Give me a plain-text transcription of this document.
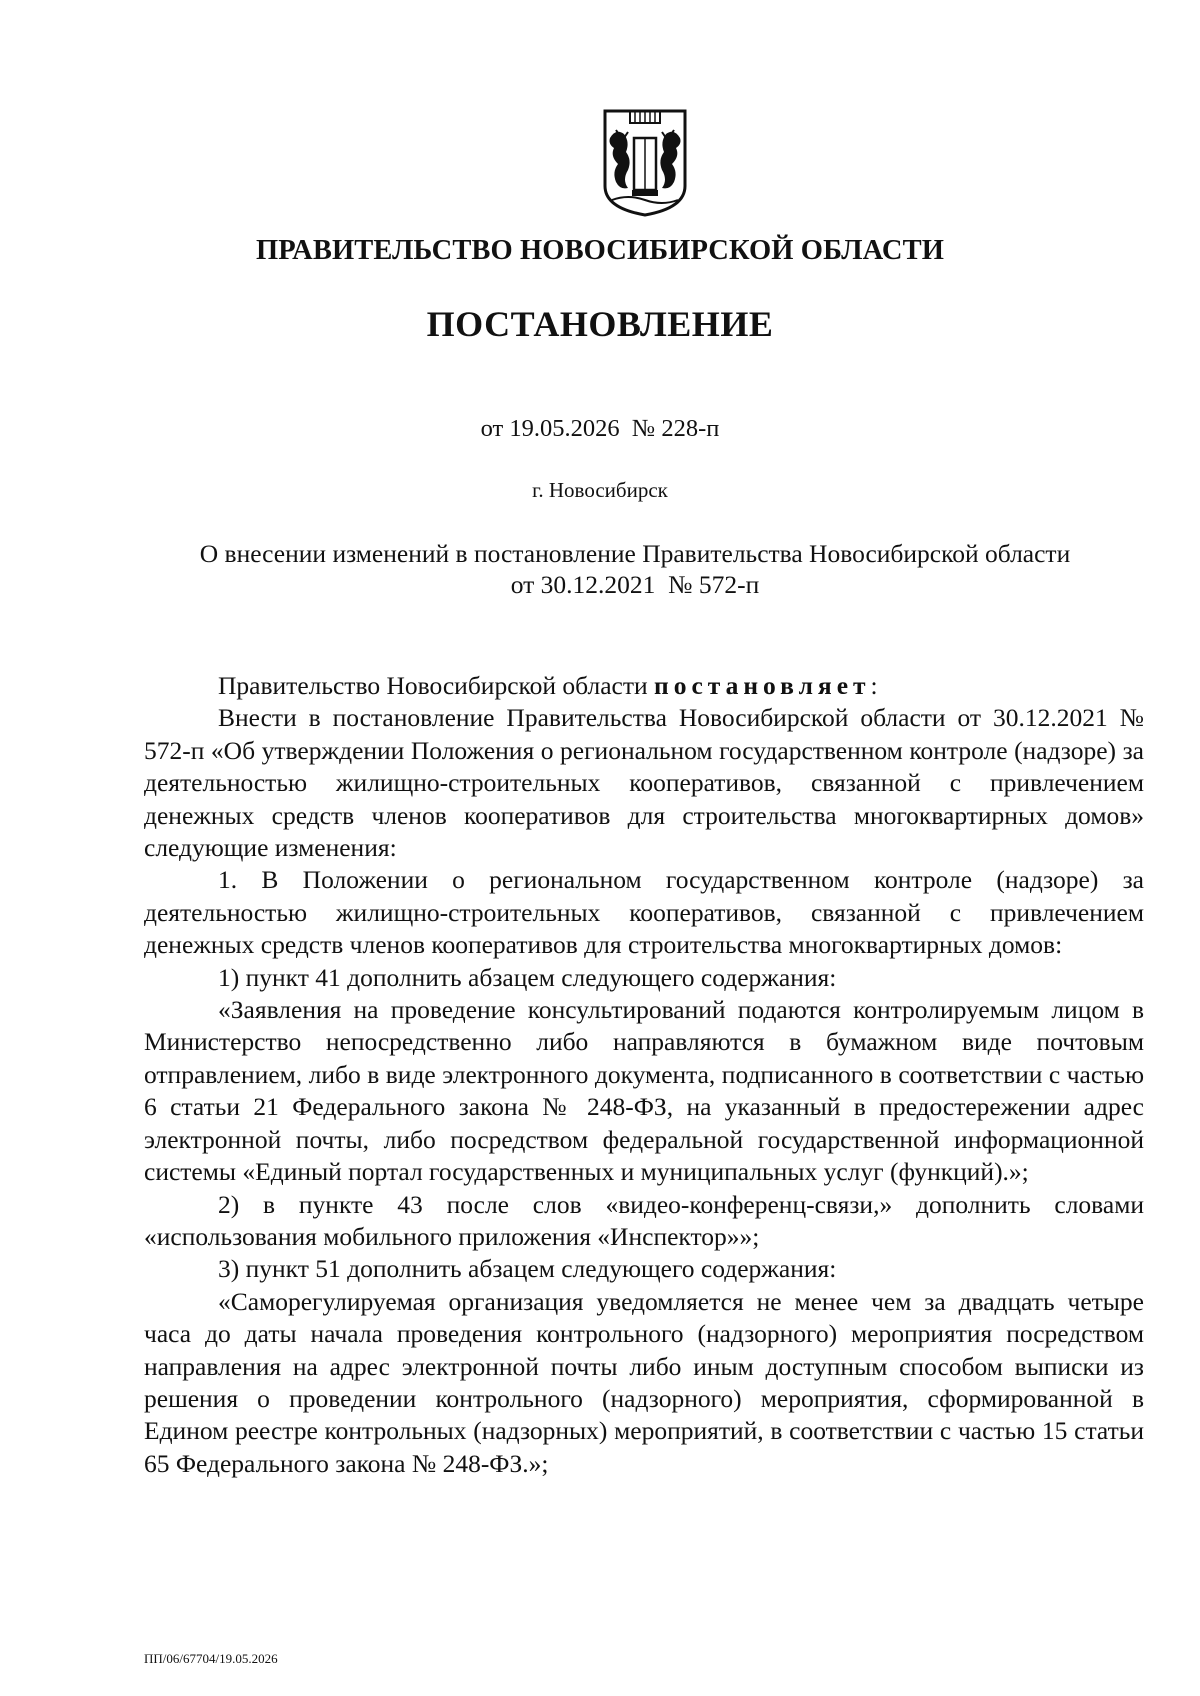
ПРАВИТЕЛЬСТВО НОВОСИБИРСКОЙ ОБЛАСТИ
ПОСТАНОВЛЕНИЕ
от 19.05.2026  № 228-п
г. Новосибирск
О внесении изменений в постановление Правительства Новосибирской области
от 30.12.2021  № 572-п

Правительство Новосибирской области постановляет:

Внести в постановление Правительства Новосибирской области от 30.12.2021 № 572-п «Об утверждении Положения о региональном государственном контроле (надзоре) за деятельностью жилищно-строительных кооперативов, связанной с привлечением денежных средств членов кооперативов для строительства многоквартирных домов» следующие изменения:

1. В Положении о региональном государственном контроле (надзоре) за деятельностью жилищно-строительных кооперативов, связанной с привлечением денежных средств членов кооперативов для строительства многоквартирных домов:

1) пункт 41 дополнить абзацем следующего содержания:

«Заявления на проведение консультирований подаются контролируемым лицом в Министерство непосредственно либо направляются в бумажном виде почтовым отправлением, либо в виде электронного документа, подписанного в соответствии с частью 6 статьи 21 Федерального закона № 248-ФЗ, на указанный в предостережении адрес электронной почты, либо посредством федеральной государственной информационной системы «Единый портал государственных и муниципальных услуг (функций).»;

2) в пункте 43 после слов «видео-конференц-связи,» дополнить словами «использования мобильного приложения «Инспектор»»;

3) пункт 51 дополнить абзацем следующего содержания:

«Саморегулируемая организация уведомляется не менее чем за двадцать четыре часа до даты начала проведения контрольного (надзорного) мероприятия посредством направления на адрес электронной почты либо иным доступным способом выписки из решения о проведении контрольного (надзорного) мероприятия, сформированной в Едином реестре контрольных (надзорных) мероприятий, в соответствии с частью 15 статьи 65 Федерального закона № 248-ФЗ.»;

ПП/06/67704/19.05.2026
